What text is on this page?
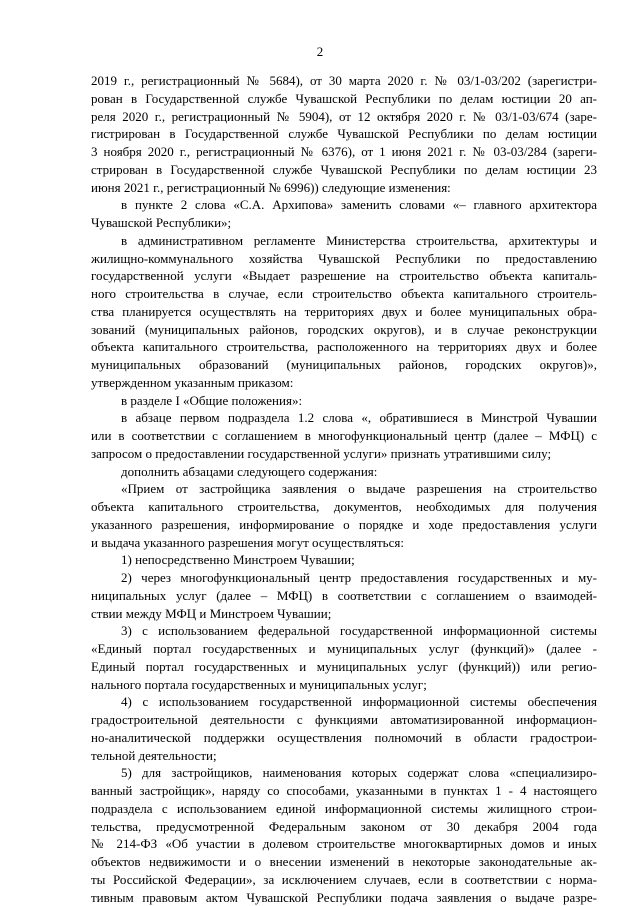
2
2019 г., регистрационный № 5684), от 30 марта 2020 г. № 03/1-03/202 (зарегистри-
рован в Государственной службе Чувашской Республики по делам юстиции 20 ап-
реля 2020 г., регистрационный № 5904), от 12 октября 2020 г. № 03/1-03/674 (заре-
гистрирован в Государственной службе Чувашской Республики по делам юстиции
3 ноября 2020 г., регистрационный № 6376), от 1 июня 2021 г. № 03-03/284 (зареги-
стрирован в Государственной службе Чувашской Республики по делам юстиции 23
июня 2021 г., регистрационный № 6996)) следующие изменения:
в пункте 2 слова «С.А. Архипова» заменить словами «– главного архитектора
Чувашской Республики»;
в административном регламенте Министерства строительства, архитектуры и
жилищно-коммунального хозяйства Чувашской Республики по предоставлению
государственной услуги «Выдает разрешение на строительство объекта капиталь-
ного строительства в случае, если строительство объекта капитального строитель-
ства планируется осуществлять на территориях двух и более муниципальных обра-
зований (муниципальных районов, городских округов), и в случае реконструкции
объекта капитального строительства, расположенного на территориях двух и более
муниципальных образований (муниципальных районов, городских округов)»,
утвержденном указанным приказом:
в разделе I «Общие положения»:
в абзаце первом подраздела 1.2 слова «, обратившиеся в Минстрой Чувашии
или в соответствии с соглашением в многофункциональный центр (далее – МФЦ) с
запросом о предоставлении государственной услуги» признать утратившими силу;
дополнить абзацами следующего содержания:
«Прием от застройщика заявления о выдаче разрешения на строительство
объекта капитального строительства, документов, необходимых для получения
указанного разрешения, информирование о порядке и ходе предоставления услуги
и выдача указанного разрешения могут осуществляться:
1) непосредственно Минстроем Чувашии;
2) через многофункциональный центр предоставления государственных и му-
ниципальных услуг (далее – МФЦ) в соответствии с соглашением о взаимодей-
ствии между МФЦ и Минстроем Чувашии;
3) с использованием федеральной государственной информационной системы
«Единый портал государственных и муниципальных услуг (функций)» (далее -
Единый портал государственных и муниципальных услуг (функций)) или регио-
нального портала государственных и муниципальных услуг;
4) с использованием государственной информационной системы обеспечения
градостроительной деятельности с функциями автоматизированной информацион-
но-аналитической поддержки осуществления полномочий в области градострои-
тельной деятельности;
5) для застройщиков, наименования которых содержат слова «специализиро-
ванный застройщик», наряду со способами, указанными в пунктах 1 - 4 настоящего
подраздела с использованием единой информационной системы жилищного строи-
тельства, предусмотренной Федеральным законом от 30 декабря 2004 года
№ 214-ФЗ «Об участии в долевом строительстве многоквартирных домов и иных
объектов недвижимости и о внесении изменений в некоторые законодательные ак-
ты Российской Федерации», за исключением случаев, если в соответствии с норма-
тивным правовым актом Чувашской Республики подача заявления о выдаче разре-
